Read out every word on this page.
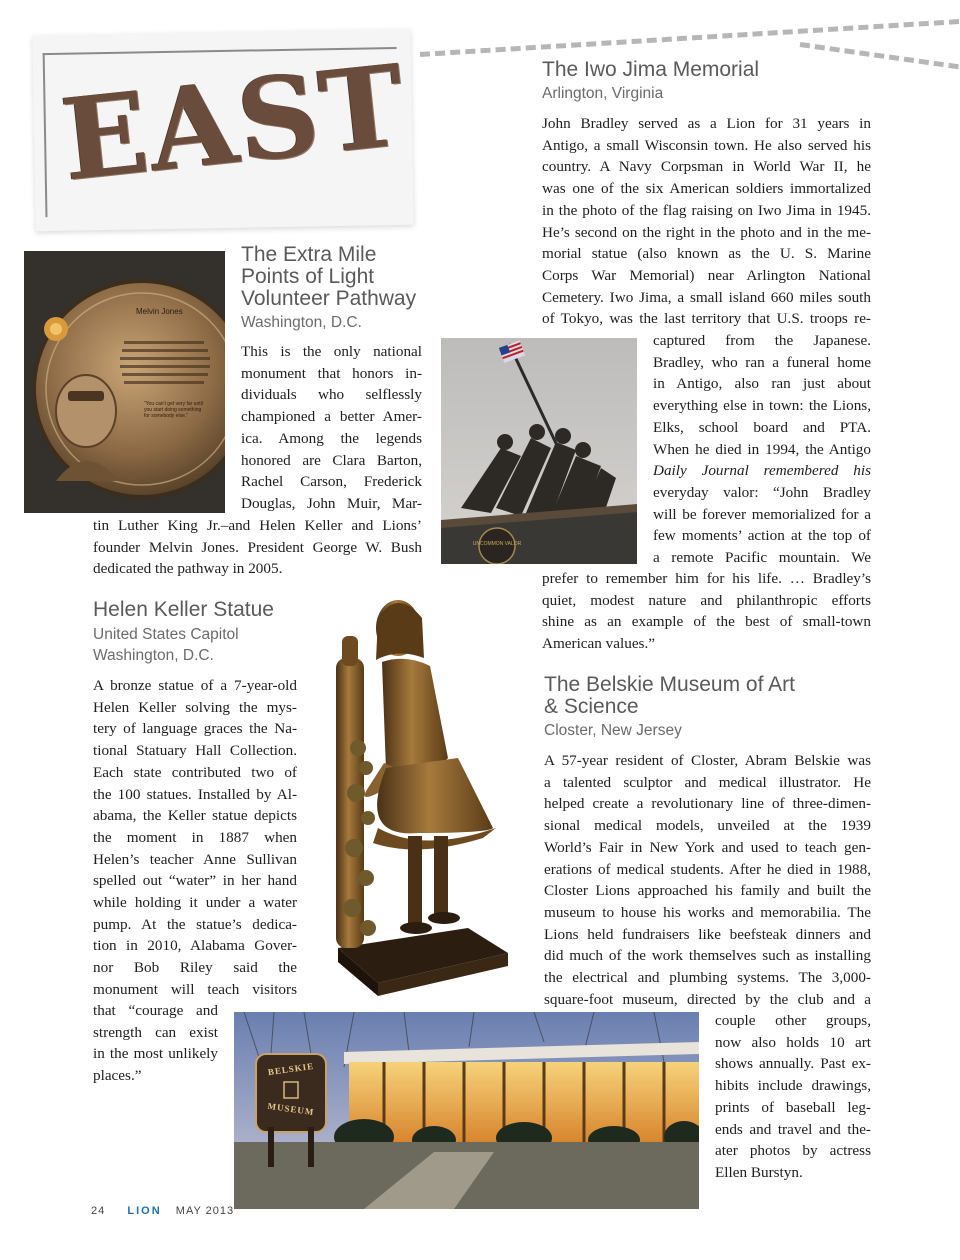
EAST
Melvin Jones
“You can't get very far until you start doing something for somebody else.”
The Extra Mile
Points of Light
Volunteer Pathway
Washington, D.C.
This is the only national
monument that honors in-
dividuals who selflessly
championed a better Amer-
ica. Among the legends
honored are Clara Barton,
Rachel Carson, Frederick
Douglas, John Muir, Mar-
tin Luther King Jr.–and Helen Keller and Lions’
founder Melvin Jones. President George W. Bush
dedicated the pathway in 2005.
Helen Keller Statue
United States Capitol
Washington, D.C.
A bronze statue of a 7-year-old
Helen Keller solving the mys-
tery of language graces the Na-
tional Statuary Hall Collection.
Each state contributed two of
the 100 statues. Installed by Al-
abama, the Keller statue depicts
the moment in 1887 when
Helen’s teacher Anne Sullivan
spelled out “water” in her hand
while holding it under a water
pump. At the statue’s dedica-
tion in 2010, Alabama Gover-
nor Bob Riley said the
monument will teach visitors
that “courage and
strength can exist
in the most unlikely
places.”
The Iwo Jima Memorial
Arlington, Virginia
John Bradley served as a Lion for 31 years in
Antigo, a small Wisconsin town. He also served his
country. A Navy Corpsman in World War II, he
was one of the six American soldiers immortalized
in the photo of the flag raising on Iwo Jima in 1945.
He’s second on the right in the photo and in the me-
morial statue (also known as the U. S. Marine
Corps War Memorial) near Arlington National
Cemetery. Iwo Jima, a small island 660 miles south
of Tokyo, was the last territory that U.S. troops re-
UNCOMMON VALOR
captured from the Japanese.
Bradley, who ran a funeral home
in Antigo, also ran just about
everything else in town: the Lions,
Elks, school board and PTA.
When he died in 1994, the Antigo
Daily Journal remembered his
everyday valor: “John Bradley
will be forever memorialized for a
few moments’ action at the top of
a remote Pacific mountain. We
prefer to remember him for his life. … Bradley’s
quiet, modest nature and philanthropic efforts
shine as an example of the best of small-town
American values.”
The Belskie Museum of Art
& Science
Closter, New Jersey
A 57-year resident of Closter, Abram Belskie was
a talented sculptor and medical illustrator. He
helped create a revolutionary line of three-dimen-
sional medical models, unveiled at the 1939
World’s Fair in New York and used to teach gen-
erations of medical students. After he died in 1988,
Closter Lions approached his family and built the
museum to house his works and memorabilia. The
Lions held fundraisers like beefsteak dinners and
did much of the work themselves such as installing
the electrical and plumbing systems. The 3,000-
square-foot museum, directed by the club and a
BELSKIE
MUSEUM
couple other groups,
now also holds 10 art
shows annually. Past ex-
hibits include drawings,
prints of baseball leg-
ends and travel and the-
ater photos by actress
Ellen Burstyn.
24 LION MAY 2013
